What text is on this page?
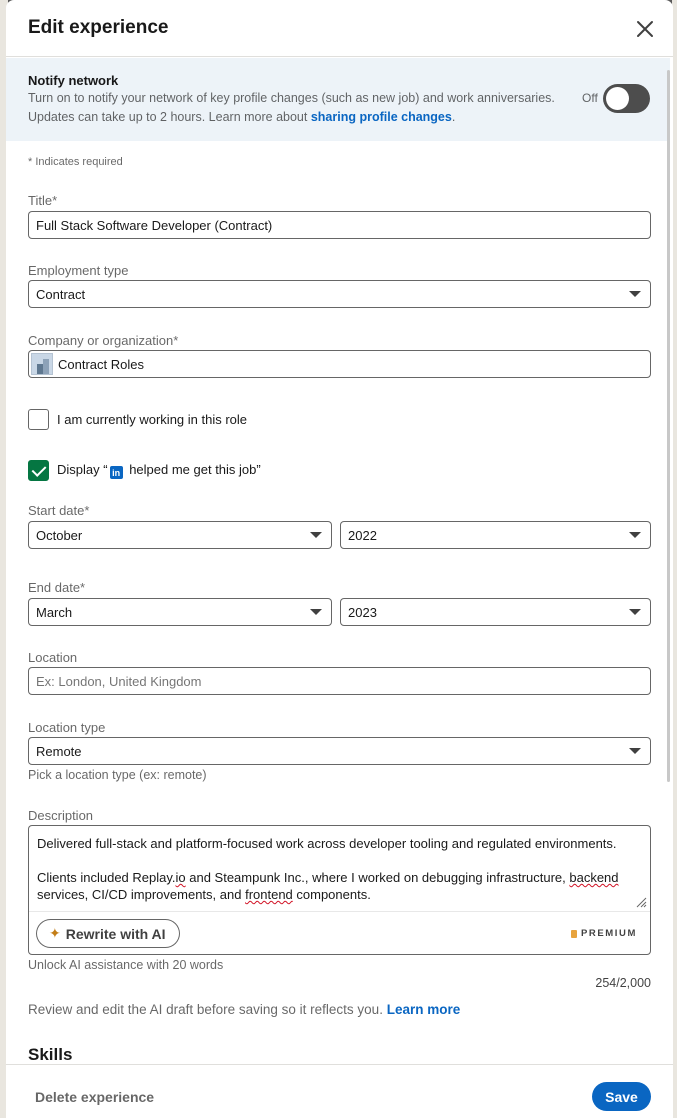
Edit experience
Notify network
Turn on to notify your network of key profile changes (such as new job) and work anniversaries. Updates can take up to 2 hours. Learn more about sharing profile changes.
Off
* Indicates required
Title*
Full Stack Software Developer (Contract)
Employment type
Contract
Company or organization*
Contract Roles
I am currently working in this role
Display “ in helped me get this job”
Start date*
October	2022
End date*
March	2023
Location
Ex: London, United Kingdom
Location type
Remote
Pick a location type (ex: remote)
Description

Delivered full-stack and platform-focused work across developer tooling and regulated environments.

Clients included Replay.io and Steampunk Inc., where I worked on debugging infrastructure, backend services, CI/CD improvements, and frontend components.

✦ Rewrite with AI	PREMIUM
Unlock AI assistance with 20 words
254/2,000
Review and edit the AI draft before saving so it reflects you. Learn more
Skills
Delete experience	Save
